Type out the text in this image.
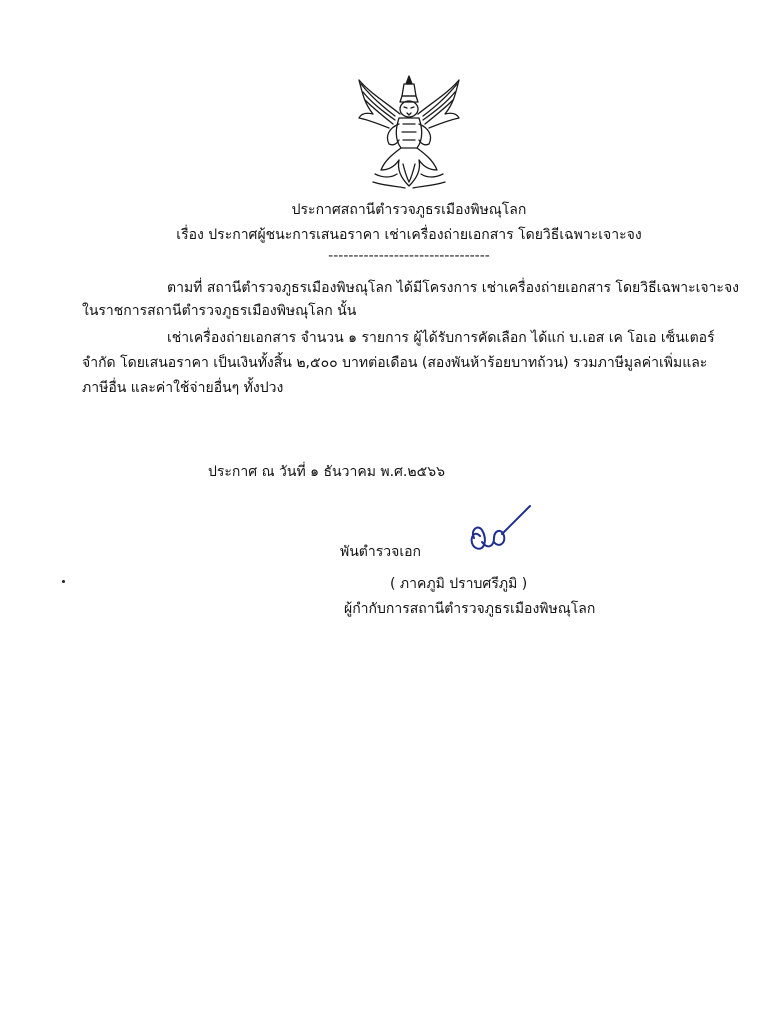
ประกาศสถานีตำรวจภูธรเมืองพิษณุโลก
เรื่อง ประกาศผู้ชนะการเสนอราคา เช่าเครื่องถ่ายเอกสาร โดยวิธีเฉพาะเจาะจง
--------------------------------
ตามที่ สถานีตำรวจภูธรเมืองพิษณุโลก ได้มีโครงการ เช่าเครื่องถ่ายเอกสาร โดยวิธีเฉพาะเจาะจง
ในราชการสถานีตำรวจภูธรเมืองพิษณุโลก นั้น
เช่าเครื่องถ่ายเอกสาร จำนวน ๑ รายการ ผู้ได้รับการคัดเลือก ได้แก่ บ.เอส เค โอเอ เซ็นเตอร์
จำกัด โดยเสนอราคา เป็นเงินทั้งสิ้น ๒,๕๐๐ บาทต่อเดือน (สองพันห้าร้อยบาทถ้วน) รวมภาษีมูลค่าเพิ่มและ
ภาษีอื่น และค่าใช้จ่ายอื่นๆ ทั้งปวง
ประกาศ ณ วันที่ ๑ ธันวาคม พ.ศ.๒๕๖๖
พันตำรวจเอก
( ภาคภูมิ ปราบศรีภูมิ )
ผู้กำกับการสถานีตำรวจภูธรเมืองพิษณุโลก
